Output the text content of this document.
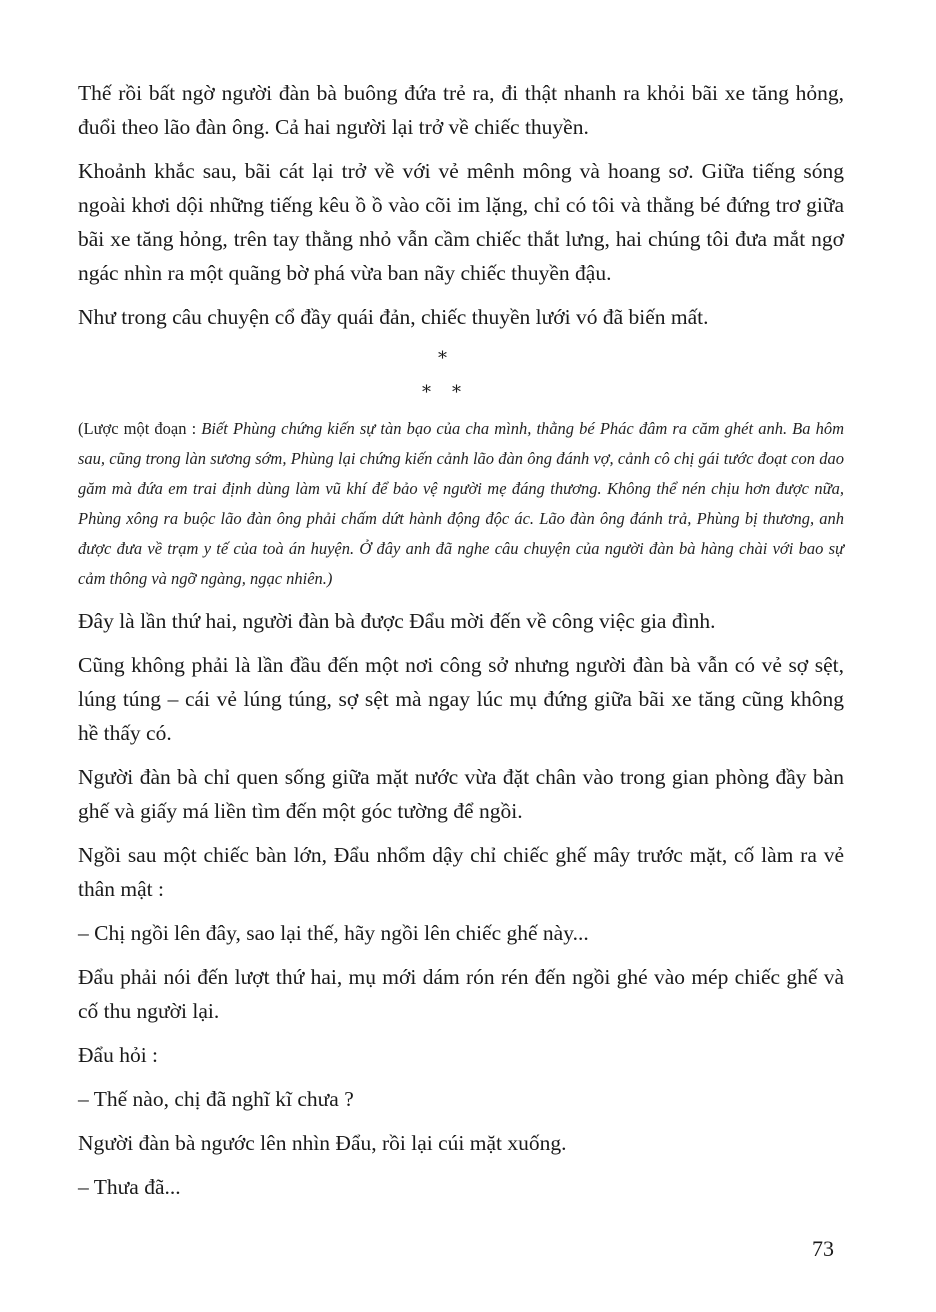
Thế rồi bất ngờ người đàn bà buông đứa trẻ ra, đi thật nhanh ra khỏi bãi xe tăng hỏng, đuổi theo lão đàn ông. Cả hai người lại trở về chiếc thuyền.

Khoảnh khắc sau, bãi cát lại trở về với vẻ mênh mông và hoang sơ. Giữa tiếng sóng ngoài khơi dội những tiếng kêu ồ ồ vào cõi im lặng, chỉ có tôi và thằng bé đứng trơ giữa bãi xe tăng hỏng, trên tay thằng nhỏ vẫn cầm chiếc thắt lưng, hai chúng tôi đưa mắt ngơ ngác nhìn ra một quãng bờ phá vừa ban nãy chiếc thuyền đậu.

Như trong câu chuyện cổ đầy quái đản, chiếc thuyền lưới vó đã biến mất.

*
* *

(Lược một đoạn : Biết Phùng chứng kiến sự tàn bạo của cha mình, thằng bé Phác đâm ra căm ghét anh. Ba hôm sau, cũng trong làn sương sớm, Phùng lại chứng kiến cảnh lão đàn ông đánh vợ, cảnh cô chị gái tước đoạt con dao găm mà đứa em trai định dùng làm vũ khí để bảo vệ người mẹ đáng thương. Không thể nén chịu hơn được nữa, Phùng xông ra buộc lão đàn ông phải chấm dứt hành động độc ác. Lão đàn ông đánh trả, Phùng bị thương, anh được đưa về trạm y tế của toà án huyện. Ở đây anh đã nghe câu chuyện của người đàn bà hàng chài với bao sự cảm thông và ngỡ ngàng, ngạc nhiên.)

Đây là lần thứ hai, người đàn bà được Đẩu mời đến về công việc gia đình.

Cũng không phải là lần đầu đến một nơi công sở nhưng người đàn bà vẫn có vẻ sợ sệt, lúng túng – cái vẻ lúng túng, sợ sệt mà ngay lúc mụ đứng giữa bãi xe tăng cũng không hề thấy có.

Người đàn bà chỉ quen sống giữa mặt nước vừa đặt chân vào trong gian phòng đầy bàn ghế và giấy má liền tìm đến một góc tường để ngồi.

Ngồi sau một chiếc bàn lớn, Đẩu nhổm dậy chỉ chiếc ghế mây trước mặt, cố làm ra vẻ thân mật :

– Chị ngồi lên đây, sao lại thế, hãy ngồi lên chiếc ghế này...

Đẩu phải nói đến lượt thứ hai, mụ mới dám rón rén đến ngồi ghé vào mép chiếc ghế và cố thu người lại.

Đẩu hỏi :

– Thế nào, chị đã nghĩ kĩ chưa ?

Người đàn bà ngước lên nhìn Đẩu, rồi lại cúi mặt xuống.

– Thưa đã...

73
